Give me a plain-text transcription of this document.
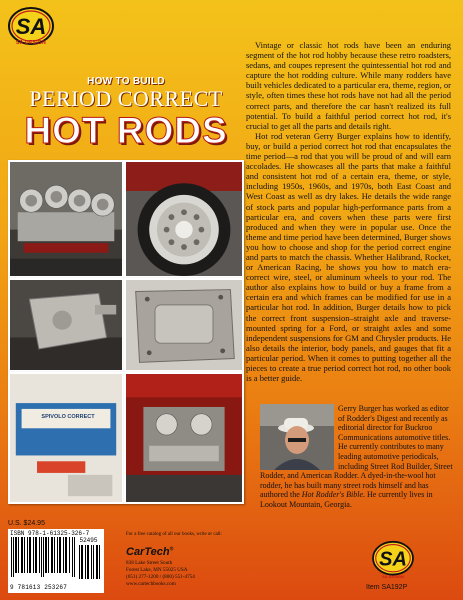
SA
SA DESIGN
HOW TO BUILD
PERIOD CORRECT
HOT RODS

Vintage or classic hot rods have been an enduring segment of the hot rod hobby because these retro roadsters, sedans, and coupes represent the quintessential hot rod and capture the hot rodding culture. While many rodders have built vehicles dedicated to a particular era, theme, region, or style, often times these hot rods have not had all the period correct parts, and therefore the car hasn't realized its full potential. To build a faithful period correct hot rod, it's crucial to get all the parts and details right.

Hot rod veteran Gerry Burger explains how to identify, buy, or build a period correct hot rod that encapsulates the time period—a rod that you will be proud of and will earn accolades. He showcases all the parts that make a faithful and consistent hot rod of a certain era, theme, or style, including 1950s, 1960s, and 1970s, both East Coast and West Coast as well as dry lakes. He details the wide range of stock parts and popular high-performance parts from a particular era, and covers when these parts were first produced and when they were in popular use. Once the theme and time period have been determined, Burger shows you how to choose and shop for the period correct engine and parts to match the chassis. Whether Halibrand, Rocket, or American Racing, he shows you how to match era-correct wire, steel, or aluminum wheels to your rod. The author also explains how to build or buy a frame from a certain era and which frames can be modified for use in a particular hot rod. In addition, Burger details how to pick the correct front suspension–straight axle and traverse-mounted spring for a Ford, or straight axles and some independent suspensions for GM and Chrysler products. He also details the interior, body panels, and gauges that fit a particular period. When it comes to putting together all the pieces to create a true period correct hot rod, no other book is a better guide.

SPIVOLO CORRECT
Gerry Burger has worked as editor of Rodder's Digest and recently as editorial director for Buckroo Communications automotive titles. He currently contributes to many leading automotive periodicals, including Street Rod Builder, Street Rodder, and American Rodder. A dyed-in-the-wool hot rodder, he has built many street rods himself and has authored the Hot Rodder's Bible. He currently lives in Lookout Mountain, Georgia.
U.S. $24.95
ISBN 978-1-61325-326-7
52495
9 781613 253267
For a free catalog of all our books, write or call:
CarTech®
838 Lake Street South
Forest Lake, MN 55025 USA
(651) 277-1200 / (800) 551-4754
www.cartechbooks.com
SA
SA DESIGN
Item SA192P
